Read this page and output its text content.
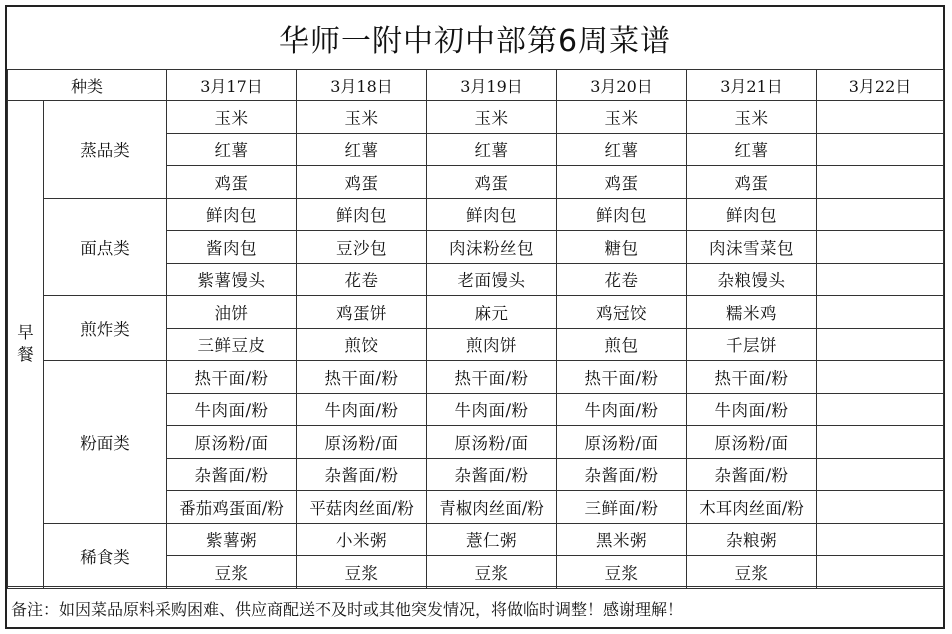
华师一附中初中部第6周菜谱
种类		3月17日	3月18日	3月19日	3月20日	3月21日	3月22日

早
餐	蒸品类	玉米	玉米	玉米	玉米	玉米	
		红薯	红薯	红薯	红薯	红薯	
		鸡蛋	鸡蛋	鸡蛋	鸡蛋	鸡蛋	
	面点类	鲜肉包	鲜肉包	鲜肉包	鲜肉包	鲜肉包	
		酱肉包	豆沙包	肉沫粉丝包	糖包	肉沫雪菜包	
		紫薯馒头	花卷	老面馒头	花卷	杂粮馒头	
	煎炸类	油饼	鸡蛋饼	麻元	鸡冠饺	糯米鸡	
		三鲜豆皮	煎饺	煎肉饼	煎包	千层饼	
	粉面类	热干面/粉	热干面/粉	热干面/粉	热干面/粉	热干面/粉	
		牛肉面/粉	牛肉面/粉	牛肉面/粉	牛肉面/粉	牛肉面/粉	
		原汤粉/面	原汤粉/面	原汤粉/面	原汤粉/面	原汤粉/面	
		杂酱面/粉	杂酱面/粉	杂酱面/粉	杂酱面/粉	杂酱面/粉	
		番茄鸡蛋面/粉	平菇肉丝面/粉	青椒肉丝面/粉	三鲜面/粉	木耳肉丝面/粉	
	稀食类	紫薯粥	小米粥	薏仁粥	黑米粥	杂粮粥	
		豆浆	豆浆	豆浆	豆浆	豆浆	
备注：如因菜品原料采购困难、供应商配送不及时或其他突发情况，将做临时调整！感谢理解！
